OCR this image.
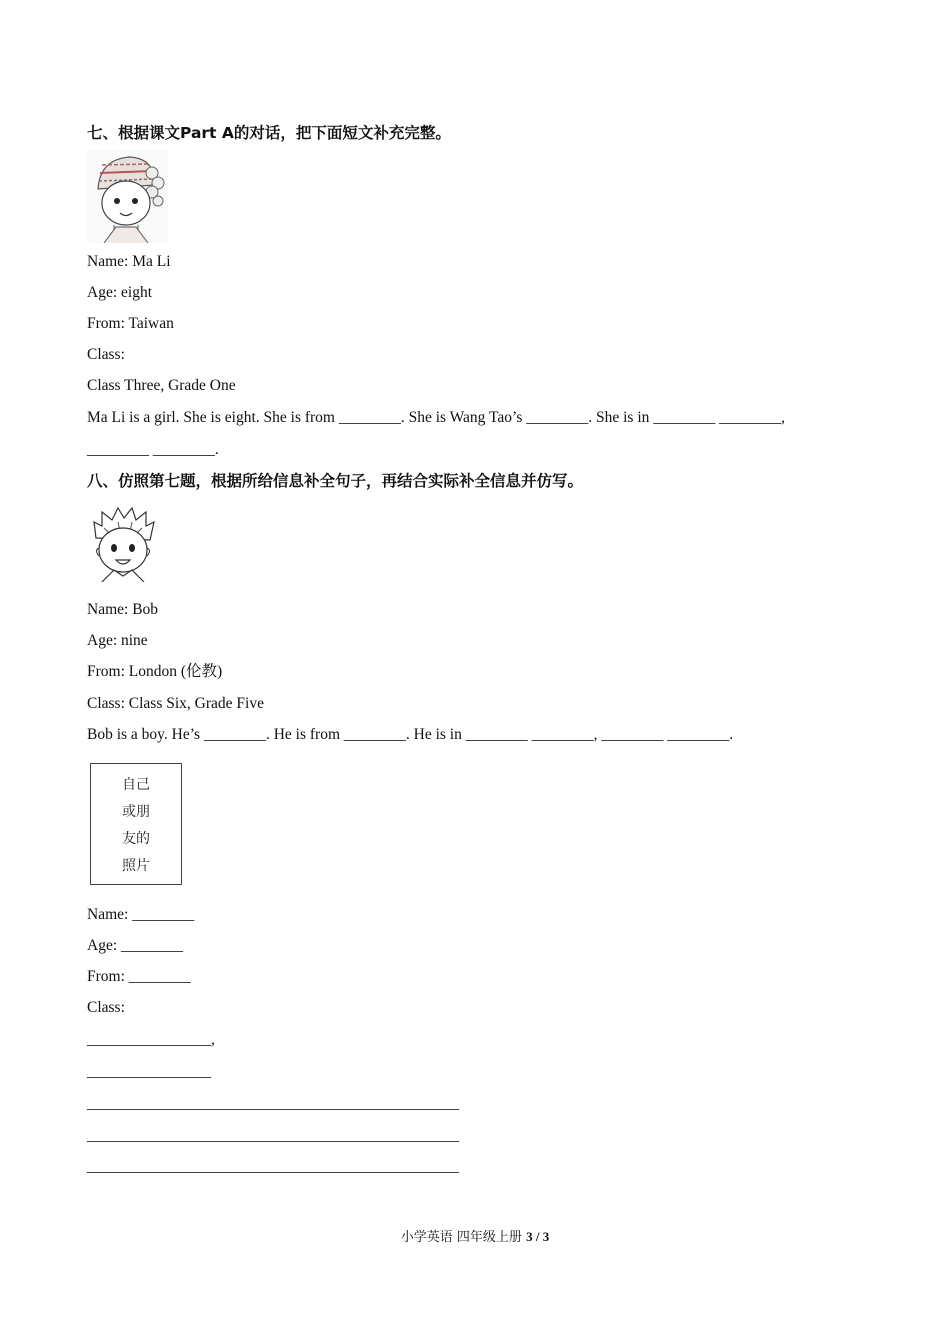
七、根据课文Part A的对话，把下面短文补充完整。
Name: Ma Li
Age: eight
From: Taiwan
Class:
Class Three, Grade One
Ma Li is a girl. She is eight. She is from ________. She is Wang Tao’s ________. She is in ________ ________,
________ ________.
八、仿照第七题，根据所给信息补全句子，再结合实际补全信息并仿写。
Name: Bob
Age: nine
From: London (伦教)
Class: Class Six, Grade Five
Bob is a boy. He’s ________. He is from ________. He is in ________ ________, ________ ________.
自己
或朋
友的
照片
Name: ________
Age: ________
From: ________
Class:
________________,
________________
________________________________________________
________________________________________________
________________________________________________
小学英语 四年级上册 3 / 3
